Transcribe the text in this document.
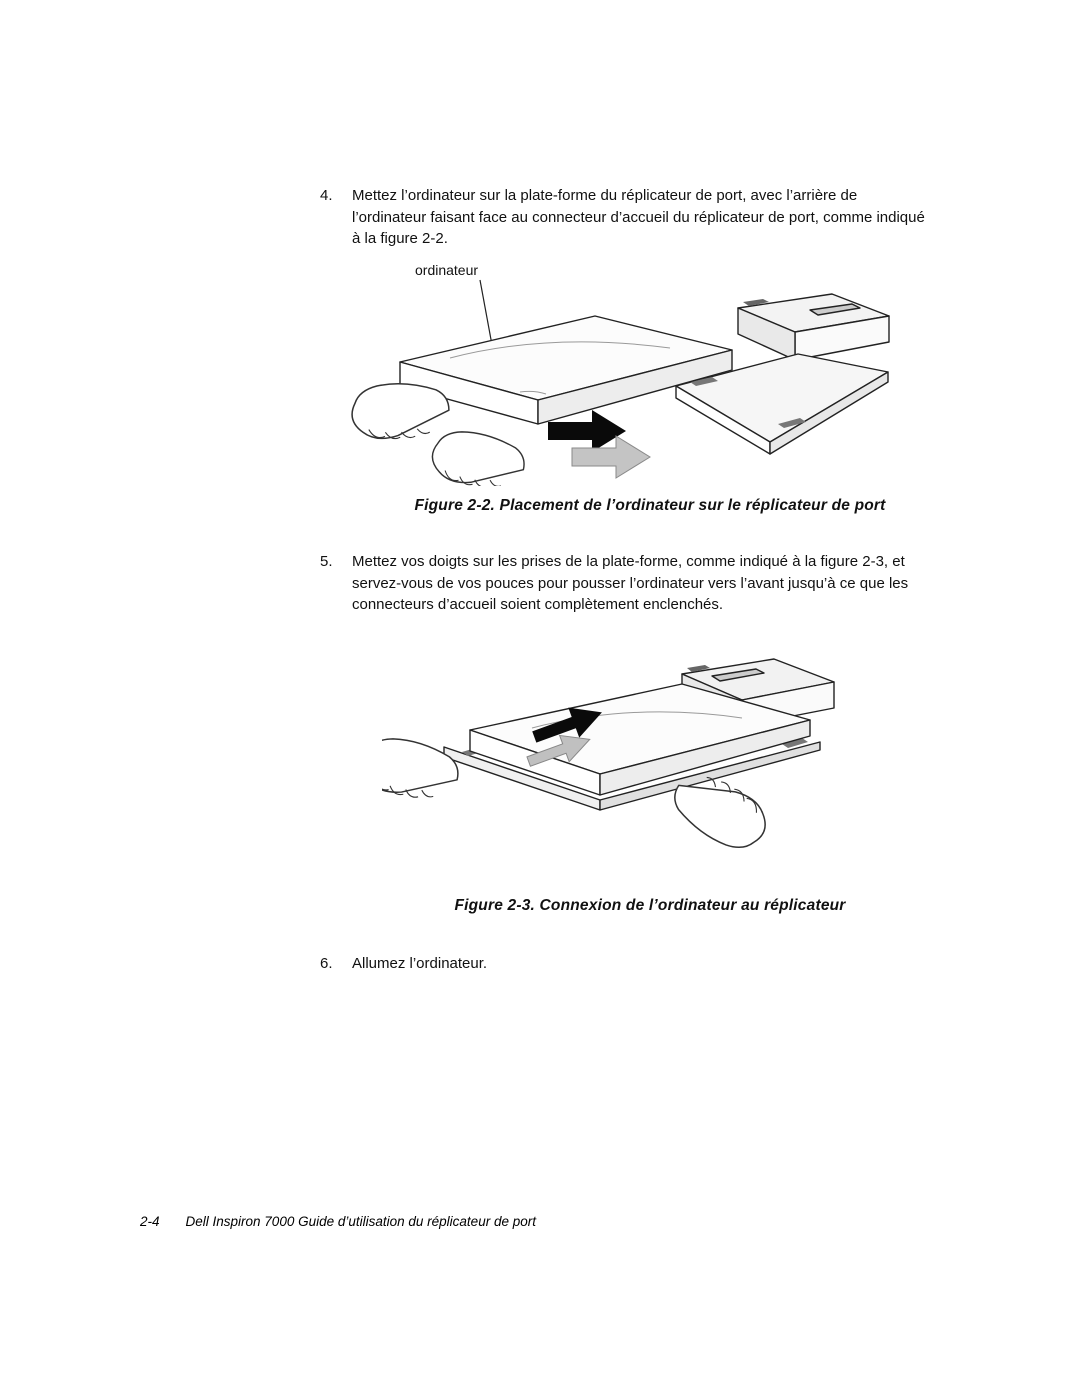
4.	Mettez l’ordinateur sur la plate-forme du réplicateur de port, avec l’arrière de l’ordinateur faisant face au connecteur d’accueil du réplicateur de port, comme indiqué à la figure 2-2.
ordinateur
Figure 2-2. Placement de l’ordinateur sur le réplicateur de port
5.	Mettez vos doigts sur les prises de la plate-forme, comme indiqué à la figure 2-3, et servez-vous de vos pouces pour pousser l’ordinateur vers l’avant jusqu’à ce que les connecteurs d’accueil soient complètement enclenchés.
Figure 2-3. Connexion de l’ordinateur au réplicateur
6.	Allumez l’ordinateur.
2-4 Dell Inspiron 7000 Guide d’utilisation du réplicateur de port
